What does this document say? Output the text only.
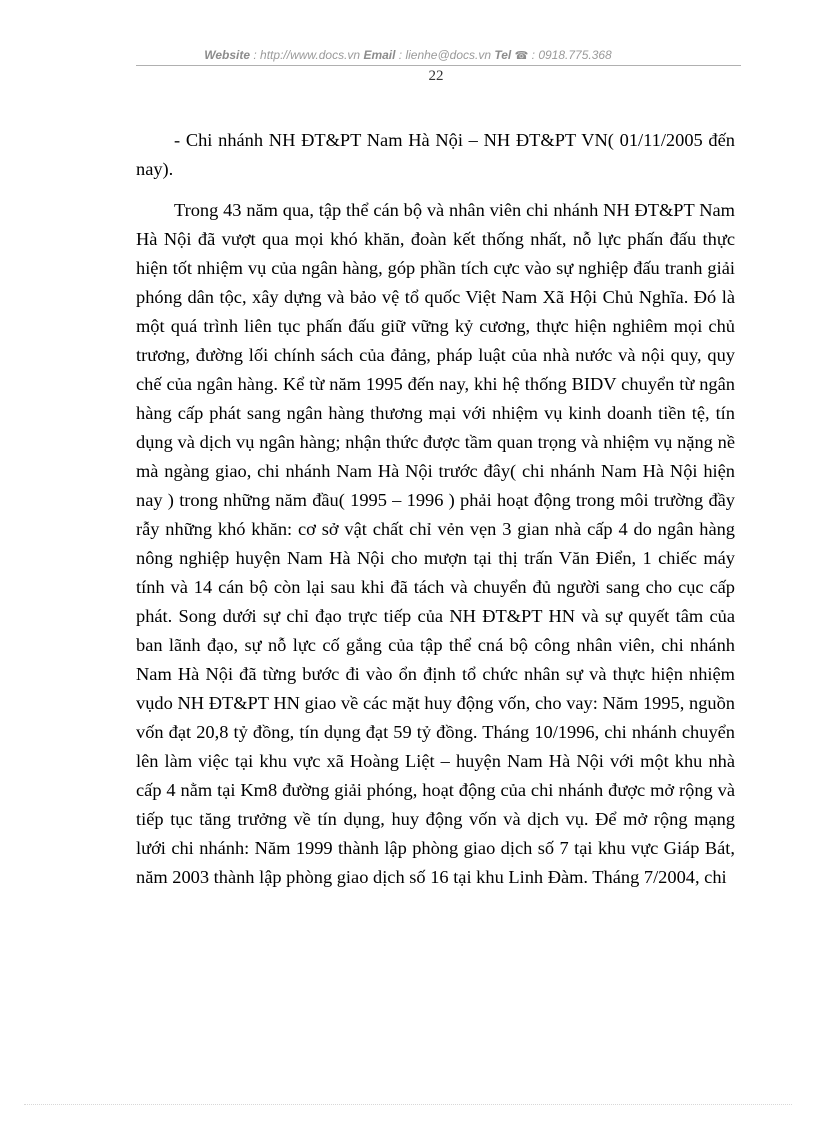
Website : http://www.docs.vn Email : lienhe@docs.vn Tel ☎ : 0918.775.368
22

- Chi nhánh NH ĐT&PT Nam Hà Nội – NH ĐT&PT VN( 01/11/2005 đến nay).

Trong 43 năm qua, tập thể cán bộ và nhân viên chi nhánh NH ĐT&PT Nam Hà Nội đã vượt qua mọi khó khăn, đoàn kết thống nhất, nỗ lực phấn đấu thực hiện tốt nhiệm vụ của ngân hàng, góp phần tích cực vào sự nghiệp đấu tranh giải phóng dân tộc, xây dựng và bảo vệ tổ quốc Việt Nam Xã Hội Chủ Nghĩa. Đó là một quá trình liên tục phấn đấu giữ vững kỷ cương, thực hiện nghiêm mọi chủ trương, đường lối chính sách của đảng, pháp luật của nhà nước và nội quy, quy chế của ngân hàng. Kể từ năm 1995 đến nay, khi hệ thống BIDV chuyển từ ngân hàng cấp phát sang ngân hàng thương mại với nhiệm vụ kinh doanh tiền tệ, tín dụng và dịch vụ ngân hàng; nhận thức được tầm quan trọng và nhiệm vụ nặng nề mà ngàng giao, chi nhánh Nam Hà Nội trước đây( chi nhánh Nam Hà Nội hiện nay ) trong những năm đầu( 1995 – 1996 ) phải hoạt động trong môi trường đầy rẫy những khó khăn: cơ sở vật chất chỉ vẻn vẹn 3 gian nhà cấp 4 do ngân hàng nông nghiệp huyện Nam Hà Nội cho mượn tại thị trấn Văn Điển, 1 chiếc máy tính và 14 cán bộ còn lại sau khi đã tách và chuyển đủ người sang cho cục cấp phát. Song dưới sự chỉ đạo trực tiếp của NH ĐT&PT HN và sự quyết tâm của ban lãnh đạo, sự nỗ lực cố gắng của tập thể cná bộ công nhân viên, chi nhánh Nam Hà Nội đã từng bước đi vào ổn định tổ chức nhân sự và thực hiện nhiệm vụdo NH ĐT&PT HN giao về các mặt huy động vốn, cho vay: Năm 1995, nguồn vốn đạt 20,8 tỷ đồng, tín dụng đạt 59 tỷ đồng. Tháng 10/1996, chi nhánh chuyển lên làm việc tại khu vực xã Hoàng Liệt – huyện Nam Hà Nội với một khu nhà cấp 4 nằm tại Km8 đường giải phóng, hoạt động của chi nhánh được mở rộng và tiếp tục tăng trưởng về tín dụng, huy động vốn và dịch vụ. Để mở rộng mạng lưới chi nhánh: Năm 1999 thành lập phòng giao dịch số 7 tại khu vực Giáp Bát, năm 2003 thành lập phòng giao dịch số 16 tại khu Linh Đàm. Tháng 7/2004, chi
